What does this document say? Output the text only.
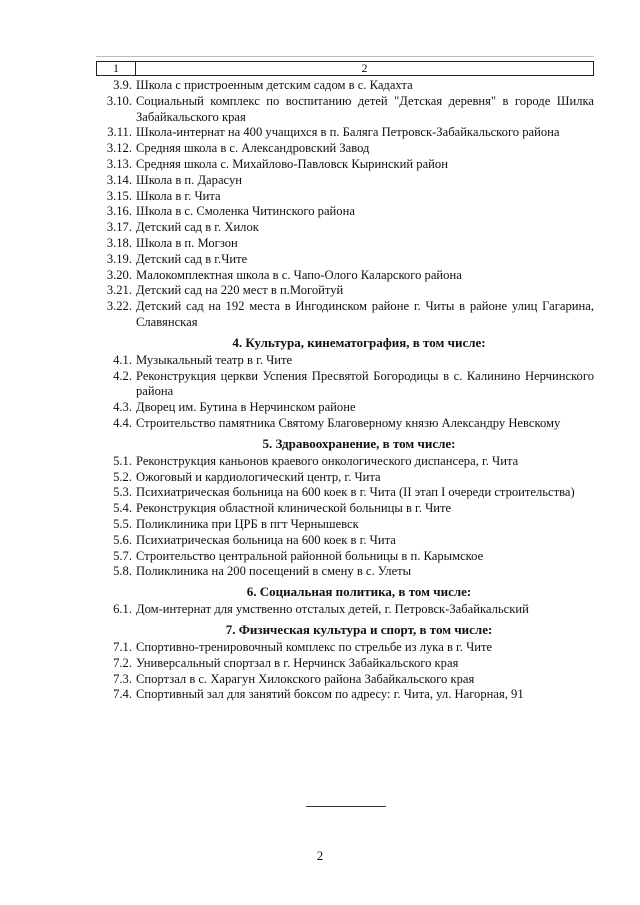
1	2
3.9. Школа с пристроенным детским садом в с. Кадахта
3.10. Социальный комплекс по воспитанию детей "Детская деревня" в городе Шилка Забайкальского края
3.11. Школа-интернат на 400 учащихся в п. Баляга Петровск-Забайкальского района
3.12. Средняя школа в с. Александровский Завод
3.13. Средняя школа с. Михайлово-Павловск Кыринский район
3.14. Школа в п. Дарасун
3.15. Школа в г. Чита
3.16. Школа в с. Смоленка Читинского района
3.17. Детский сад в г. Хилок
3.18. Школа в п. Могзон
3.19. Детский сад в г.Чите
3.20. Малокомплектная школа в с. Чапо-Ологo Каларского района
3.21. Детский сад на 220 мест в п.Могойтуй
3.22. Детский сад на 192 места в Ингодинском районе г. Читы в районе улиц Гагарина, Славянская
4. Культура, кинематография, в том числе:
4.1. Музыкальный театр в г. Чите
4.2. Реконструкция церкви Успения Пресвятой Богородицы в с. Калинино Нерчинского района
4.3. Дворец им. Бутина в Нерчинском районе
4.4. Строительство памятника Святому Благоверному князю Александру Невскому
5. Здравоохранение, в том числе:
5.1. Реконструкция каньонов краевого онкологического диспансера, г. Чита
5.2. Ожоговый и кардиологический центр, г. Чита
5.3. Психиатрическая больница на 600 коек в г. Чита (II этап I очереди строительства)
5.4. Реконструкция областной клинической больницы в г. Чите
5.5. Поликлиника при ЦРБ в пгт Чернышевск
5.6. Психиатрическая больница на 600 коек в г. Чита
5.7. Строительство центральной районной больницы в п. Карымское
5.8. Поликлиника на 200 посещений в смену в с. Улеты
6. Социальная политика, в том числе:
6.1. Дом-интернат для умственно отсталых детей, г. Петровск-Забайкальский
7. Физическая культура и спорт, в том числе:
7.1. Спортивно-тренировочный комплекс по стрельбе из лука в г. Чите
7.2. Универсальный спортзал в г. Нерчинск Забайкальского края
7.3. Спортзал в с. Харагун Хилокского района Забайкальского края
7.4. Спортивный зал для занятий боксом по адресу: г. Чита, ул. Нагорная, 91
2
